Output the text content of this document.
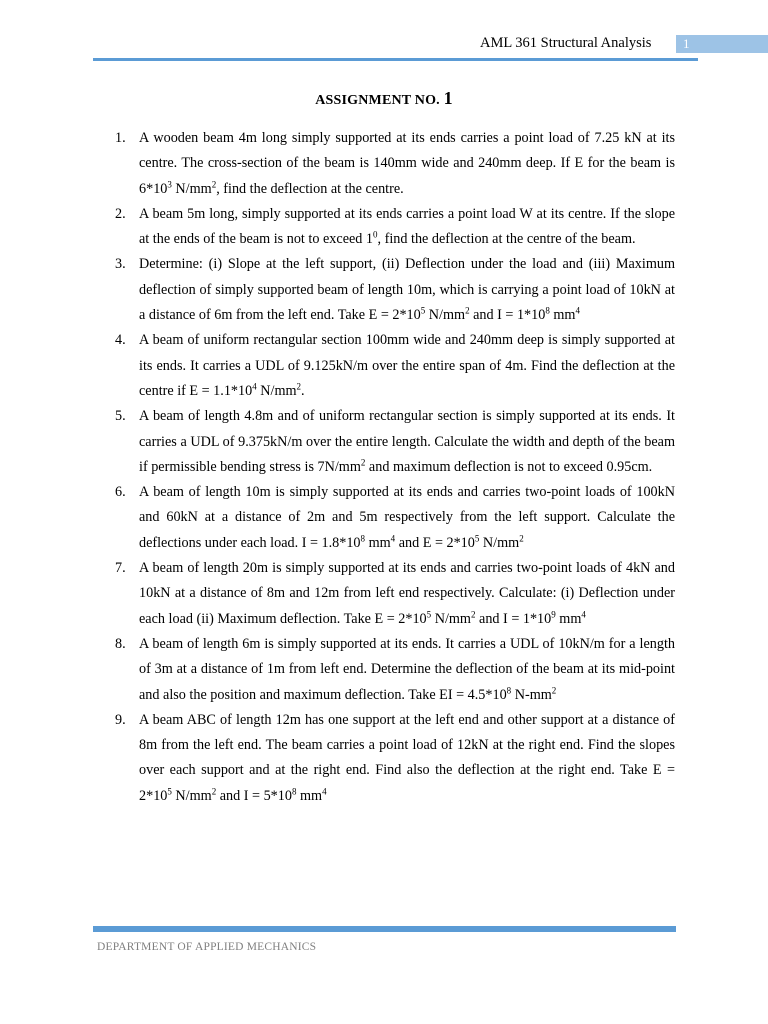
AML 361 Structural Analysis	1
ASSIGNMENT NO. 1
1. A wooden beam 4m long simply supported at its ends carries a point load of 7.25 kN at its centre. The cross-section of the beam is 140mm wide and 240mm deep. If E for the beam is $6*10^3$ $N/mm^2$, find the deflection at the centre.
2. A beam 5m long, simply supported at its ends carries a point load W at its centre. If the slope at the ends of the beam is not to exceed $1^0$, find the deflection at the centre of the beam.
3. Determine: (i) Slope at the left support, (ii) Deflection under the load and (iii) Maximum deflection of simply supported beam of length 10m, which is carrying a point load of 10kN at a distance of 6m from the left end. Take $E = 2*10^5$ $N/mm^2$ and $I = 1*10^8$ $mm^4$
4. A beam of uniform rectangular section 100mm wide and 240mm deep is simply supported at its ends. It carries a UDL of 9.125kN/m over the entire span of 4m. Find the deflection at the centre if $E = 1.1*10^4$ $N/mm^2$.
5. A beam of length 4.8m and of uniform rectangular section is simply supported at its ends. It carries a UDL of 9.375kN/m over the entire length. Calculate the width and depth of the beam if permissible bending stress is $7N/mm^2$ and maximum deflection is not to exceed 0.95cm.
6. A beam of length 10m is simply supported at its ends and carries two-point loads of 100kN and 60kN at a distance of 2m and 5m respectively from the left support. Calculate the deflections under each load. $I = 1.8*10^8$ $mm^4$ and $E = 2*10^5$ $N/mm^2$
7. A beam of length 20m is simply supported at its ends and carries two-point loads of 4kN and 10kN at a distance of 8m and 12m from left end respectively. Calculate: (i) Deflection under each load (ii) Maximum deflection. Take $E = 2*10^5$ $N/mm^2$ and $I = 1*10^9$ $mm^4$
8. A beam of length 6m is simply supported at its ends. It carries a UDL of 10kN/m for a length of 3m at a distance of 1m from left end. Determine the deflection of the beam at its mid-point and also the position and maximum deflection. Take EI = $4.5*10^8$ $N-mm^2$
9. A beam ABC of length 12m has one support at the left end and other support at a distance of 8m from the left end. The beam carries a point load of 12kN at the right end. Find the slopes over each support and at the right end. Find also the deflection at the right end. Take $E = 2*10^5$ $N/mm^2$ and $I = 5*10^8$ $mm^4$
DEPARTMENT OF APPLIED MECHANICS
